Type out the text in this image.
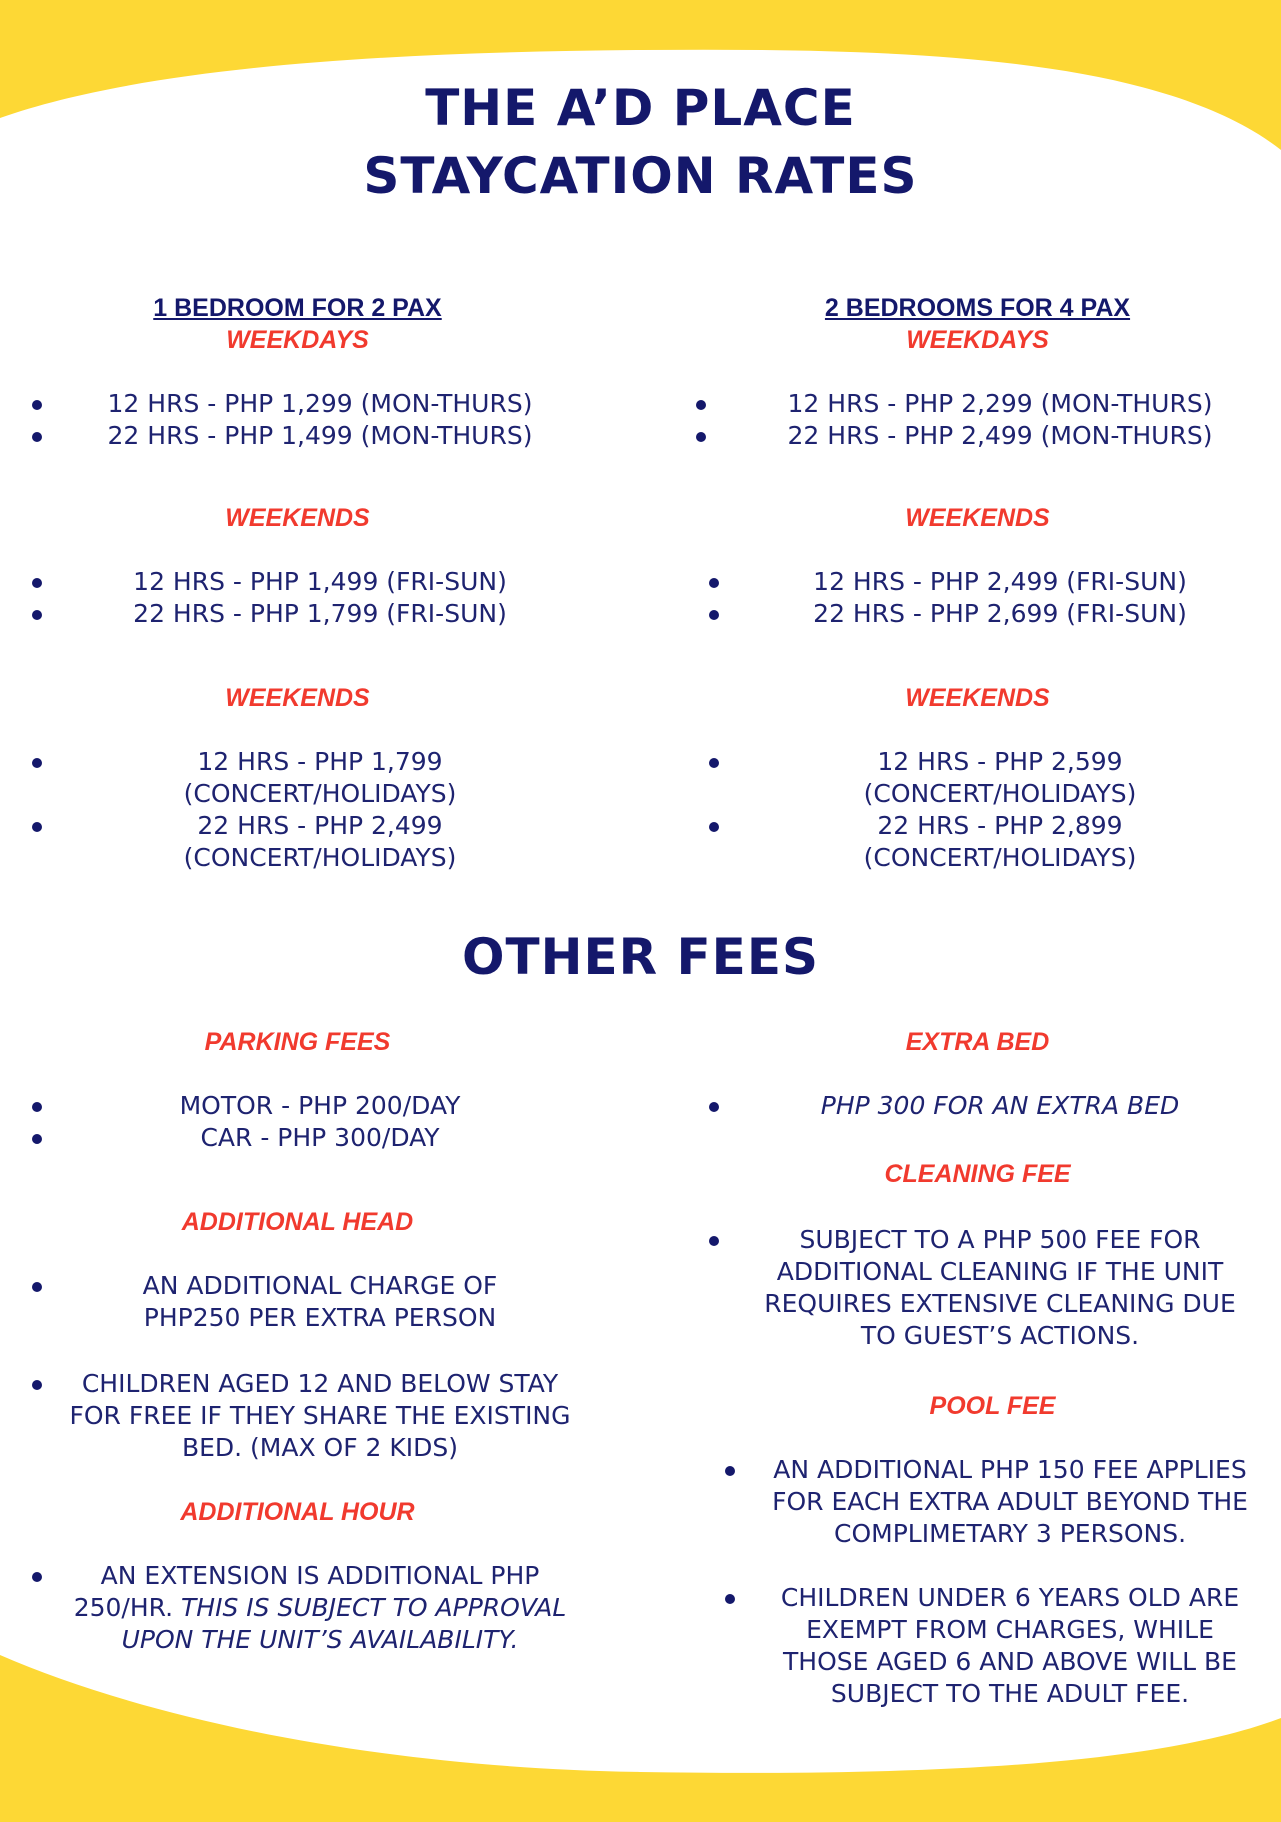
THE A’D PLACE
STAYCATION RATES
1 BEDROOM FOR 2 PAX
WEEKDAYS
12 HRS - PHP 1,299 (MON-THURS)
22 HRS - PHP 1,499 (MON-THURS)
WEEKENDS
12 HRS - PHP 1,499 (FRI-SUN)
22 HRS - PHP 1,799 (FRI-SUN)
WEEKENDS
12 HRS - PHP 1,799
(CONCERT/HOLIDAYS)
22 HRS - PHP 2,499
(CONCERT/HOLIDAYS)
2 BEDROOMS FOR 4 PAX
WEEKDAYS
12 HRS - PHP 2,299 (MON-THURS)
22 HRS - PHP 2,499 (MON-THURS)
WEEKENDS
12 HRS - PHP 2,499 (FRI-SUN)
22 HRS - PHP 2,699 (FRI-SUN)
WEEKENDS
12 HRS - PHP 2,599
(CONCERT/HOLIDAYS)
22 HRS - PHP 2,899
(CONCERT/HOLIDAYS)
OTHER FEES
PARKING FEES
MOTOR - PHP 200/DAY
CAR - PHP 300/DAY
ADDITIONAL HEAD
AN ADDITIONAL CHARGE OF PHP250 PER EXTRA PERSON
CHILDREN AGED 12 AND BELOW STAY FOR FREE IF THEY SHARE THE EXISTING BED. (MAX OF 2 KIDS)
ADDITIONAL HOUR
AN EXTENSION IS ADDITIONAL PHP 250/HR. THIS IS SUBJECT TO APPROVAL UPON THE UNIT’S AVAILABILITY.
EXTRA BED
PHP 300 FOR AN EXTRA BED
CLEANING FEE
SUBJECT TO A PHP 500 FEE FOR ADDITIONAL CLEANING IF THE UNIT REQUIRES EXTENSIVE CLEANING DUE TO GUEST’S ACTIONS.
POOL FEE
AN ADDITIONAL PHP 150 FEE APPLIES FOR EACH EXTRA ADULT BEYOND THE COMPLIMETARY 3 PERSONS.
CHILDREN UNDER 6 YEARS OLD ARE EXEMPT FROM CHARGES, WHILE THOSE AGED 6 AND ABOVE WILL BE SUBJECT TO THE ADULT FEE.
